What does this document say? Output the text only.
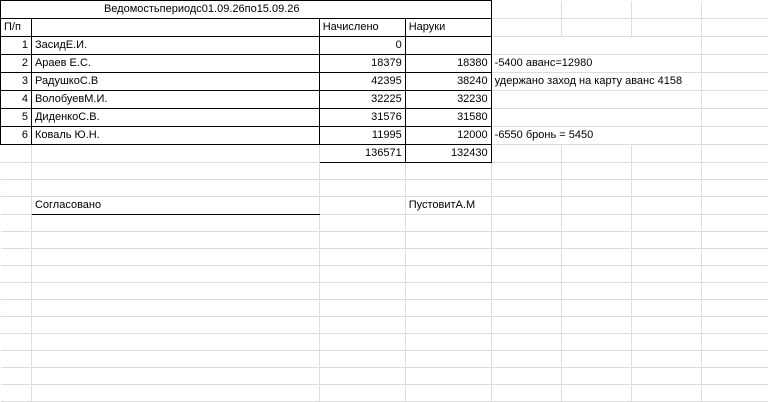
	Ведомостьпериодс01.09.26по15.09.26						
П/п		Начислено	Наруки				
1	ЗасидЕ.И.	0					
2	Араев Е.С.	18379	18380	-5400 аванс=12980			
3	РадушкоС.В	42395	38240	удержано заход на карту аванс 4158			
4	ВолобуевМ.И.	32225	32230				
5	ДиденкоС.В.	31576	31580				
6	Коваль Ю.Н.	11995	12000	-6550 бронь = 5450			
		136571	132430				

	Согласовано		ПустовитА.М				
